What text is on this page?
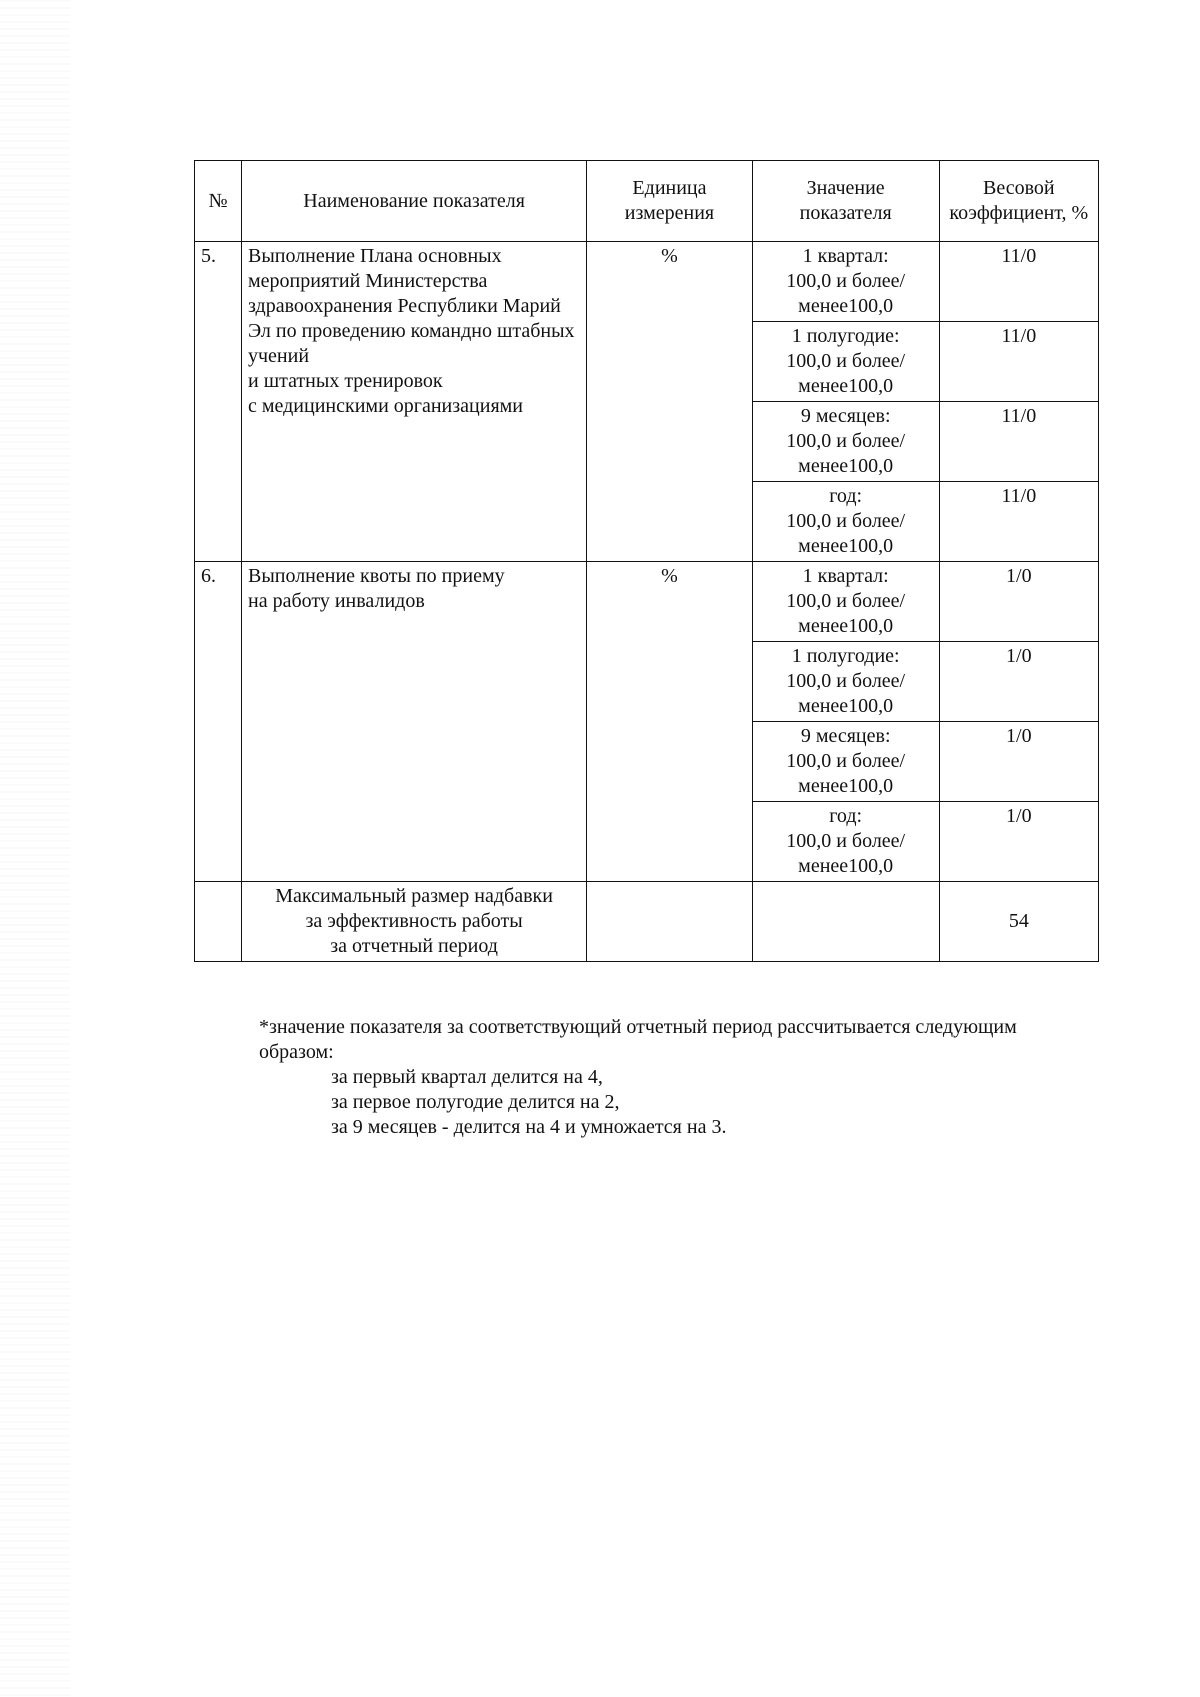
№	Наименование показателя	Единица измерения	Значение показателя	Весовой коэффициент, %
5.	Выполнение Плана основных мероприятий Министерства здравоохранения Республики Марий Эл по проведению командно штабных учений
и штатных тренировок
с медицинскими организациями	%	1 квартал:
100,0 и более/
менее100,0	11/0
			1 полугодие:
100,0 и более/
менее100,0	11/0
			9 месяцев:
100,0 и более/
менее100,0	11/0
			год:
100,0 и более/
менее100,0	11/0
6.	Выполнение квоты по приему
на работу инвалидов	%	1 квартал:
100,0 и более/
менее100,0	1/0
			1 полугодие:
100,0 и более/
менее100,0	1/0
			9 месяцев:
100,0 и более/
менее100,0	1/0
			год:
100,0 и более/
менее100,0	1/0
	Максимальный размер надбавки
за эффективность работы
за отчетный период			54
*значение показателя за соответствующий отчетный период рассчитывается следующим образом:
за первый квартал делится на 4,
за первое полугодие делится на 2,
за 9 месяцев - делится на 4 и умножается на 3.
